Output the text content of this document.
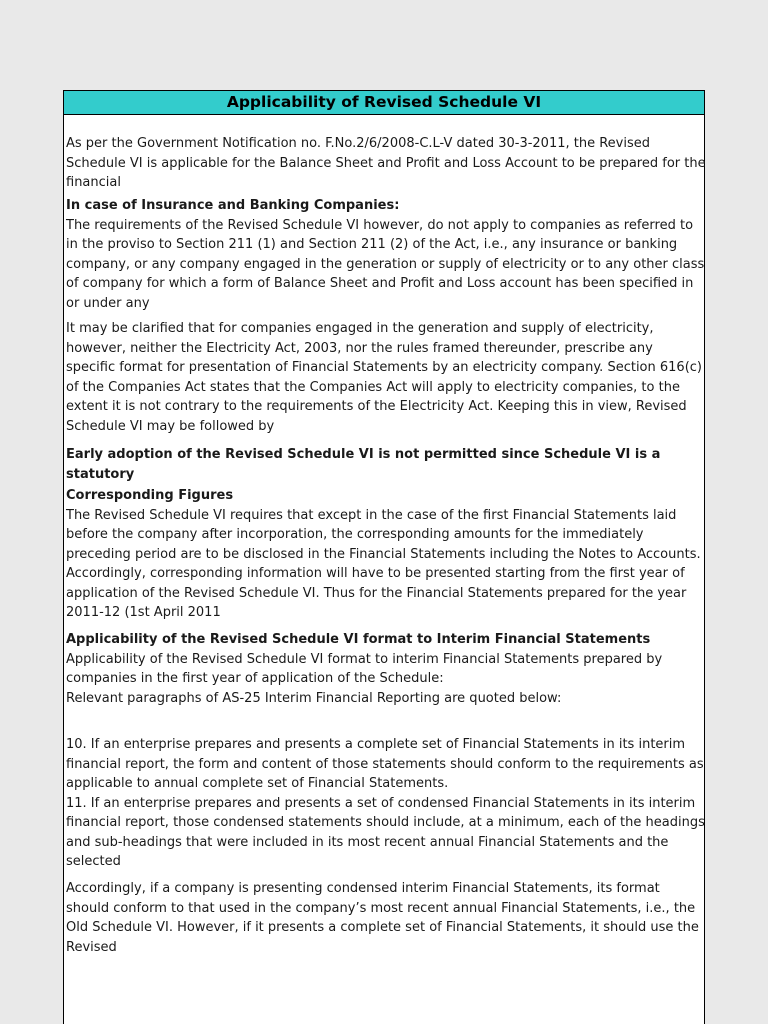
Applicability of Revised Schedule VI

As per the Government Notification no. F.No.2/6/2008-C.L-V dated 30-3-2011, the Revised Schedule VI is applicable for the Balance Sheet and Profit and Loss Account to be prepared for the financial

In case of Insurance and Banking Companies:

The requirements of the Revised Schedule VI however, do not apply to companies as referred to in the proviso to Section 211 (1) and Section 211 (2) of the Act, i.e., any insurance or banking company, or any company engaged in the generation or supply of electricity or to any other class of company for which a form of Balance Sheet and Profit and Loss account has been specified in or under any

It may be clarified that for companies engaged in the generation and supply of electricity, however, neither the Electricity Act, 2003, nor the rules framed thereunder, prescribe any specific format for presentation of Financial Statements by an electricity company. Section 616(c) of the Companies Act states that the Companies Act will apply to electricity companies, to the extent it is not contrary to the requirements of the Electricity Act. Keeping this in view, Revised Schedule VI may be followed by

Early adoption of the Revised Schedule VI is not permitted since Schedule VI is a statutory

Corresponding Figures

The Revised Schedule VI requires that except in the case of the first Financial Statements laid before the company after incorporation, the corresponding amounts for the immediately preceding period are to be disclosed in the Financial Statements including the Notes to Accounts. Accordingly, corresponding information will have to be presented starting from the first year of application of the Revised Schedule VI. Thus for the Financial Statements prepared for the year 2011-12 (1st April 2011

Applicability of the Revised Schedule VI format to Interim Financial Statements

Applicability of the Revised Schedule VI format to interim Financial Statements prepared by companies in the first year of application of the Schedule:

Relevant paragraphs of AS-25 Interim Financial Reporting are quoted below:

10. If an enterprise prepares and presents a complete set of Financial Statements in its interim financial report, the form and content of those statements should conform to the requirements as applicable to annual complete set of Financial Statements.

11. If an enterprise prepares and presents a set of condensed Financial Statements in its interim financial report, those condensed statements should include, at a minimum, each of the headings and sub-headings that were included in its most recent annual Financial Statements and the selected

Accordingly, if a company is presenting condensed interim Financial Statements, its format should conform to that used in the company’s most recent annual Financial Statements, i.e., the Old Schedule VI. However, if it presents a complete set of Financial Statements, it should use the Revised
